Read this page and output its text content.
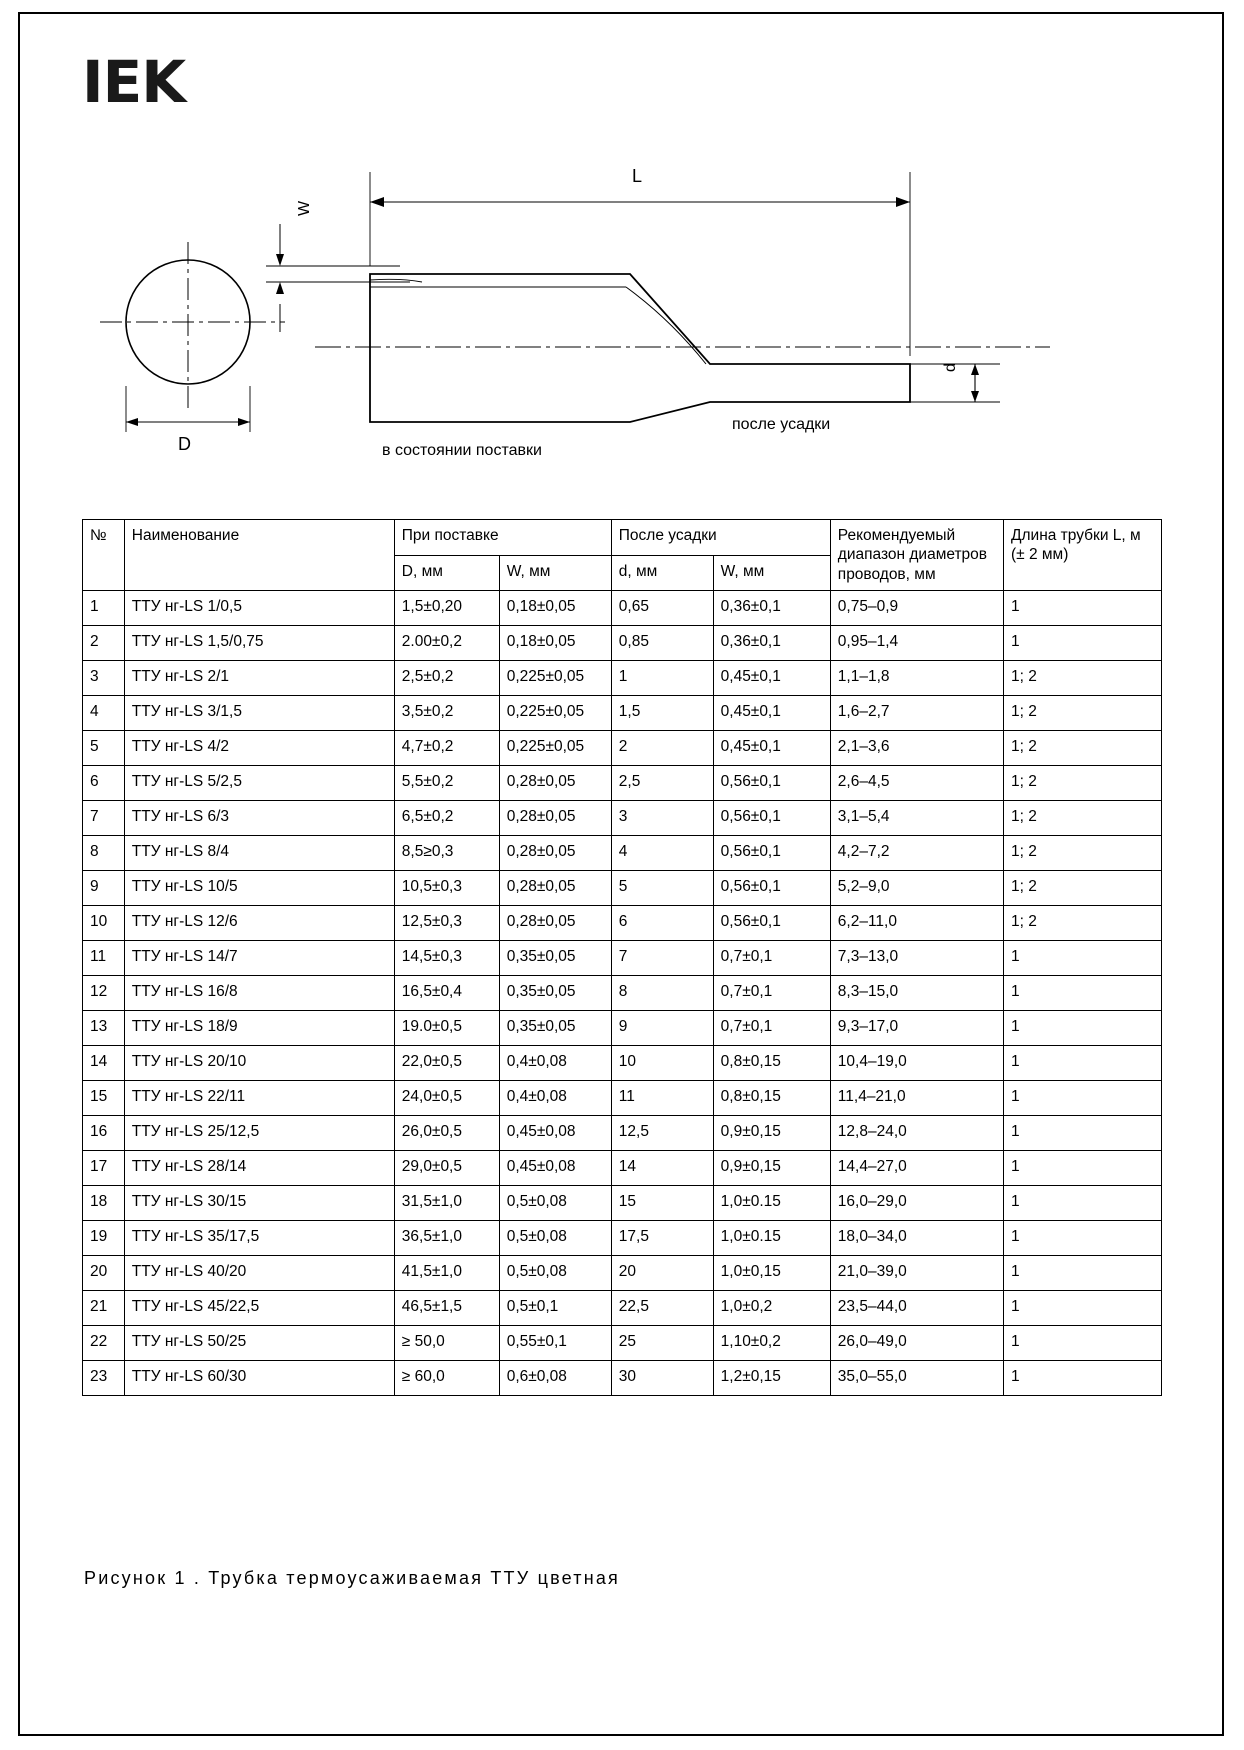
IEK
W
L
d
D	в состоянии поставки
после усадки
№	Наименование	При поставке		После усадки		Рекомендуемый диапазон диаметров проводов, мм	Длина трубки L, м (± 2 мм)
		D, мм	W, мм	d, мм	W, мм		
1	ТТУ нг-LS 1/0,5	1,5±0,20	0,18±0,05	0,65	0,36±0,1	0,75–0,9	1
2	ТТУ нг-LS 1,5/0,75	2.00±0,2	0,18±0,05	0,85	0,36±0,1	0,95–1,4	1
3	ТТУ нг-LS 2/1	2,5±0,2	0,225±0,05	1	0,45±0,1	1,1–1,8	1; 2
4	ТТУ нг-LS 3/1,5	3,5±0,2	0,225±0,05	1,5	0,45±0,1	1,6–2,7	1; 2
5	ТТУ нг-LS 4/2	4,7±0,2	0,225±0,05	2	0,45±0,1	2,1–3,6	1; 2
6	ТТУ нг-LS 5/2,5	5,5±0,2	0,28±0,05	2,5	0,56±0,1	2,6–4,5	1; 2
7	ТТУ нг-LS 6/3	6,5±0,2	0,28±0,05	3	0,56±0,1	3,1–5,4	1; 2
8	ТТУ нг-LS 8/4	8,5≥0,3	0,28±0,05	4	0,56±0,1	4,2–7,2	1; 2
9	ТТУ нг-LS 10/5	10,5±0,3	0,28±0,05	5	0,56±0,1	5,2–9,0	1; 2
10	ТТУ нг-LS 12/6	12,5±0,3	0,28±0,05	6	0,56±0,1	6,2–11,0	1; 2
11	ТТУ нг-LS 14/7	14,5±0,3	0,35±0,05	7	0,7±0,1	7,3–13,0	1
12	ТТУ нг-LS 16/8	16,5±0,4	0,35±0,05	8	0,7±0,1	8,3–15,0	1
13	ТТУ нг-LS 18/9	19.0±0,5	0,35±0,05	9	0,7±0,1	9,3–17,0	1
14	ТТУ нг-LS 20/10	22,0±0,5	0,4±0,08	10	0,8±0,15	10,4–19,0	1
15	ТТУ нг-LS 22/11	24,0±0,5	0,4±0,08	11	0,8±0,15	11,4–21,0	1
16	ТТУ нг-LS 25/12,5	26,0±0,5	0,45±0,08	12,5	0,9±0,15	12,8–24,0	1
17	ТТУ нг-LS 28/14	29,0±0,5	0,45±0,08	14	0,9±0,15	14,4–27,0	1
18	ТТУ нг-LS 30/15	31,5±1,0	0,5±0,08	15	1,0±0.15	16,0–29,0	1
19	ТТУ нг-LS 35/17,5	36,5±1,0	0,5±0,08	17,5	1,0±0.15	18,0–34,0	1
20	ТТУ нг-LS 40/20	41,5±1,0	0,5±0,08	20	1,0±0,15	21,0–39,0	1
21	ТТУ нг-LS 45/22,5	46,5±1,5	0,5±0,1	22,5	1,0±0,2	23,5–44,0	1
22	ТТУ нг-LS 50/25	≥ 50,0	0,55±0,1	25	1,10±0,2	26,0–49,0	1
23	ТТУ нг-LS 60/30	≥ 60,0	0,6±0,08	30	1,2±0,15	35,0–55,0	1
Рисунок 1 . Трубка термоусаживаемая ТТУ цветная
